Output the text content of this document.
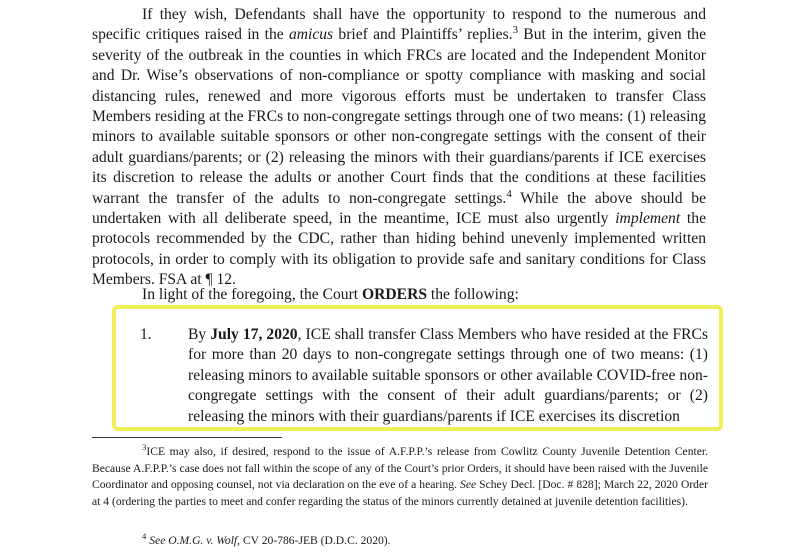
If they wish, Defendants shall have the opportunity to respond to the numerous and specific critiques raised in the amicus brief and Plaintiffs’ replies.$^3$ But in the interim, given the severity of the outbreak in the counties in which FRCs are located and the Independent Monitor and Dr. Wise’s observations of non-compliance or spotty compliance with masking and social distancing rules, renewed and more vigorous efforts must be undertaken to transfer Class Members residing at the FRCs to non-congregate settings through one of two means: (1) releasing minors to available suitable sponsors or other non-congregate settings with the consent of their adult guardians/parents; or (2) releasing the minors with their guardians/parents if ICE exercises its discretion to release the adults or another Court finds that the conditions at these facilities warrant the transfer of the adults to non-congregate settings.$^4$ While the above should be undertaken with all deliberate speed, in the meantime, ICE must also urgently implement the protocols recommended by the CDC, rather than hiding behind unevenly implemented written protocols, in order to comply with its obligation to provide safe and sanitary conditions for Class Members. FSA at ¶ 12.

In light of the foregoing, the Court ORDERS the following:

1. By July 17, 2020, ICE shall transfer Class Members who have resided at the FRCs for more than 20 days to non-congregate settings through one of two means: (1) releasing minors to available suitable sponsors or other available COVID-free non-congregate settings with the consent of their adult guardians/parents; or (2) releasing the minors with their guardians/parents if ICE exercises its discretion

$^3$ICE may also, if desired, respond to the issue of A.F.P.P.’s release from Cowlitz County Juvenile Detention Center. Because A.F.P.P.’s case does not fall within the scope of any of the Court’s prior Orders, it should have been raised with the Juvenile Coordinator and opposing counsel, not via declaration on the eve of a hearing. See Schey Decl. [Doc. # 828]; March 22, 2020 Order at 4 (ordering the parties to meet and confer regarding the status of the minors currently detained at juvenile detention facilities).

$^4$ See O.M.G. v. Wolf, CV 20-786-JEB (D.D.C. 2020).
